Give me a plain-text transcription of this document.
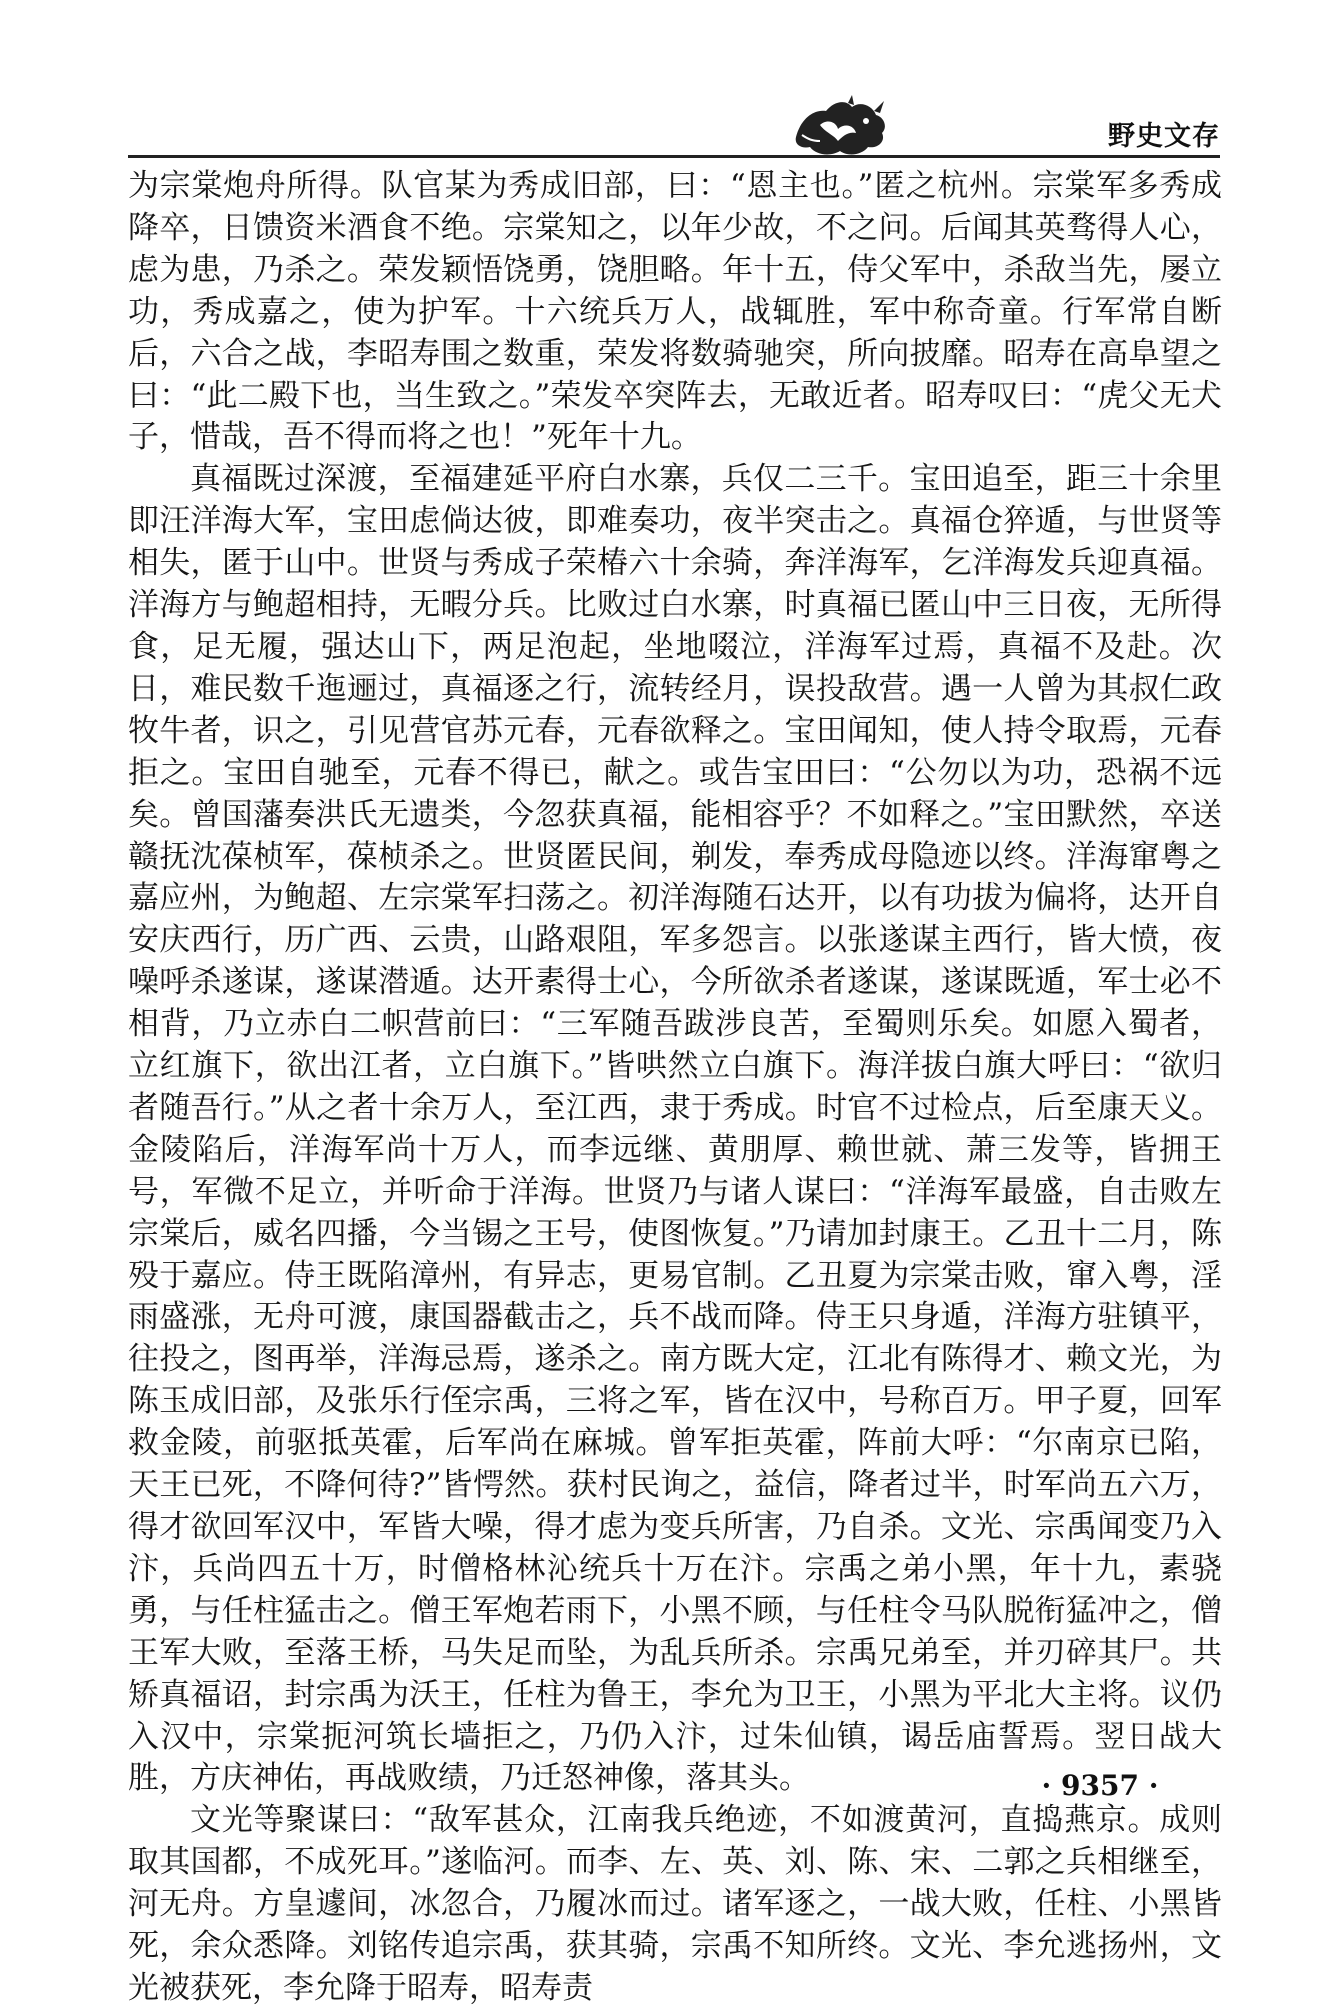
野史文存

为宗棠炮舟所得。队官某为秀成旧部，曰：“恩主也。”匿之杭州。宗棠军多秀成降卒，日馈资米酒食不绝。宗棠知之，以年少故，不之问。后闻其英骛得人心，虑为患，乃杀之。荣发颖悟饶勇，饶胆略。年十五，侍父军中，杀敌当先，屡立功，秀成嘉之，使为护军。十六统兵万人，战辄胜，军中称奇童。行军常自断后，六合之战，李昭寿围之数重，荣发将数骑驰突，所向披靡。昭寿在高阜望之曰：“此二殿下也，当生致之。”荣发卒突阵去，无敢近者。昭寿叹曰：“虎父无犬子，惜哉，吾不得而将之也！”死年十九。

真福既过深渡，至福建延平府白水寨，兵仅二三千。宝田追至，距三十余里即汪洋海大军，宝田虑倘达彼，即难奏功，夜半突击之。真福仓猝遁，与世贤等相失，匿于山中。世贤与秀成子荣椿六十余骑，奔洋海军，乞洋海发兵迎真福。洋海方与鲍超相持，无暇分兵。比败过白水寨，时真福已匿山中三日夜，无所得食，足无履，强达山下，两足泡起，坐地啜泣，洋海军过焉，真福不及赴。次日，难民数千迤逦过，真福逐之行，流转经月，误投敌营。遇一人曾为其叔仁政牧牛者，识之，引见营官苏元春，元春欲释之。宝田闻知，使人持令取焉，元春拒之。宝田自驰至，元春不得已，献之。或告宝田曰：“公勿以为功，恐祸不远矣。曾国藩奏洪氏无遗类，今忽获真福，能相容乎？不如释之。”宝田默然，卒送赣抚沈葆桢军，葆桢杀之。世贤匿民间，剃发，奉秀成母隐迹以终。洋海窜粤之嘉应州，为鲍超、左宗棠军扫荡之。初洋海随石达开，以有功拔为偏将，达开自安庆西行，历广西、云贵，山路艰阻，军多怨言。以张遂谋主西行，皆大愤，夜噪呼杀遂谋，遂谋潜遁。达开素得士心，今所欲杀者遂谋，遂谋既遁，军士必不相背，乃立赤白二帜营前曰：“三军随吾跋涉良苦，至蜀则乐矣。如愿入蜀者，立红旗下，欲出江者，立白旗下。”皆哄然立白旗下。海洋拔白旗大呼曰：“欲归者随吾行。”从之者十余万人，至江西，隶于秀成。时官不过检点，后至康天义。金陵陷后，洋海军尚十万人，而李远继、黄朋厚、赖世就、萧三发等，皆拥王号，军微不足立，并听命于洋海。世贤乃与诸人谋曰：“洋海军最盛，自击败左宗棠后，威名四播，今当锡之王号，使图恢复。”乃请加封康王。乙丑十二月，陈殁于嘉应。侍王既陷漳州，有异志，更易官制。乙丑夏为宗棠击败，窜入粤，淫雨盛涨，无舟可渡，康国器截击之，兵不战而降。侍王只身遁，洋海方驻镇平，往投之，图再举，洋海忌焉，遂杀之。南方既大定，江北有陈得才、赖文光，为陈玉成旧部，及张乐行侄宗禹，三将之军，皆在汉中，号称百万。甲子夏，回军救金陵，前驱抵英霍，后军尚在麻城。曾军拒英霍，阵前大呼：“尔南京已陷，天王已死，不降何待?”皆愕然。获村民询之，益信，降者过半，时军尚五六万，得才欲回军汉中，军皆大噪，得才虑为变兵所害，乃自杀。文光、宗禹闻变乃入汴，兵尚四五十万，时僧格林沁统兵十万在汴。宗禹之弟小黑，年十九，素骁勇，与任柱猛击之。僧王军炮若雨下，小黑不顾，与任柱令马队脱衔猛冲之，僧王军大败，至落王桥，马失足而坠，为乱兵所杀。宗禹兄弟至，并刃碎其尸。共矫真福诏，封宗禹为沃王，任柱为鲁王，李允为卫王，小黑为平北大主将。议仍入汉中，宗棠扼河筑长墙拒之，乃仍入汴，过朱仙镇，谒岳庙誓焉。翌日战大胜，方庆神佑，再战败绩，乃迁怒神像，落其头。

文光等聚谋曰：“敌军甚众，江南我兵绝迹，不如渡黄河，直捣燕京。成则取其国都，不成死耳。”遂临河。而李、左、英、刘、陈、宋、二郭之兵相继至，河无舟。方皇遽间，冰忽合，乃履冰而过。诸军逐之，一战大败，任柱、小黑皆死，余众悉降。刘铭传追宗禹，获其骑，宗禹不知所终。文光、李允逃扬州，文光被获死，李允降于昭寿，昭寿责

· 9357 ·
